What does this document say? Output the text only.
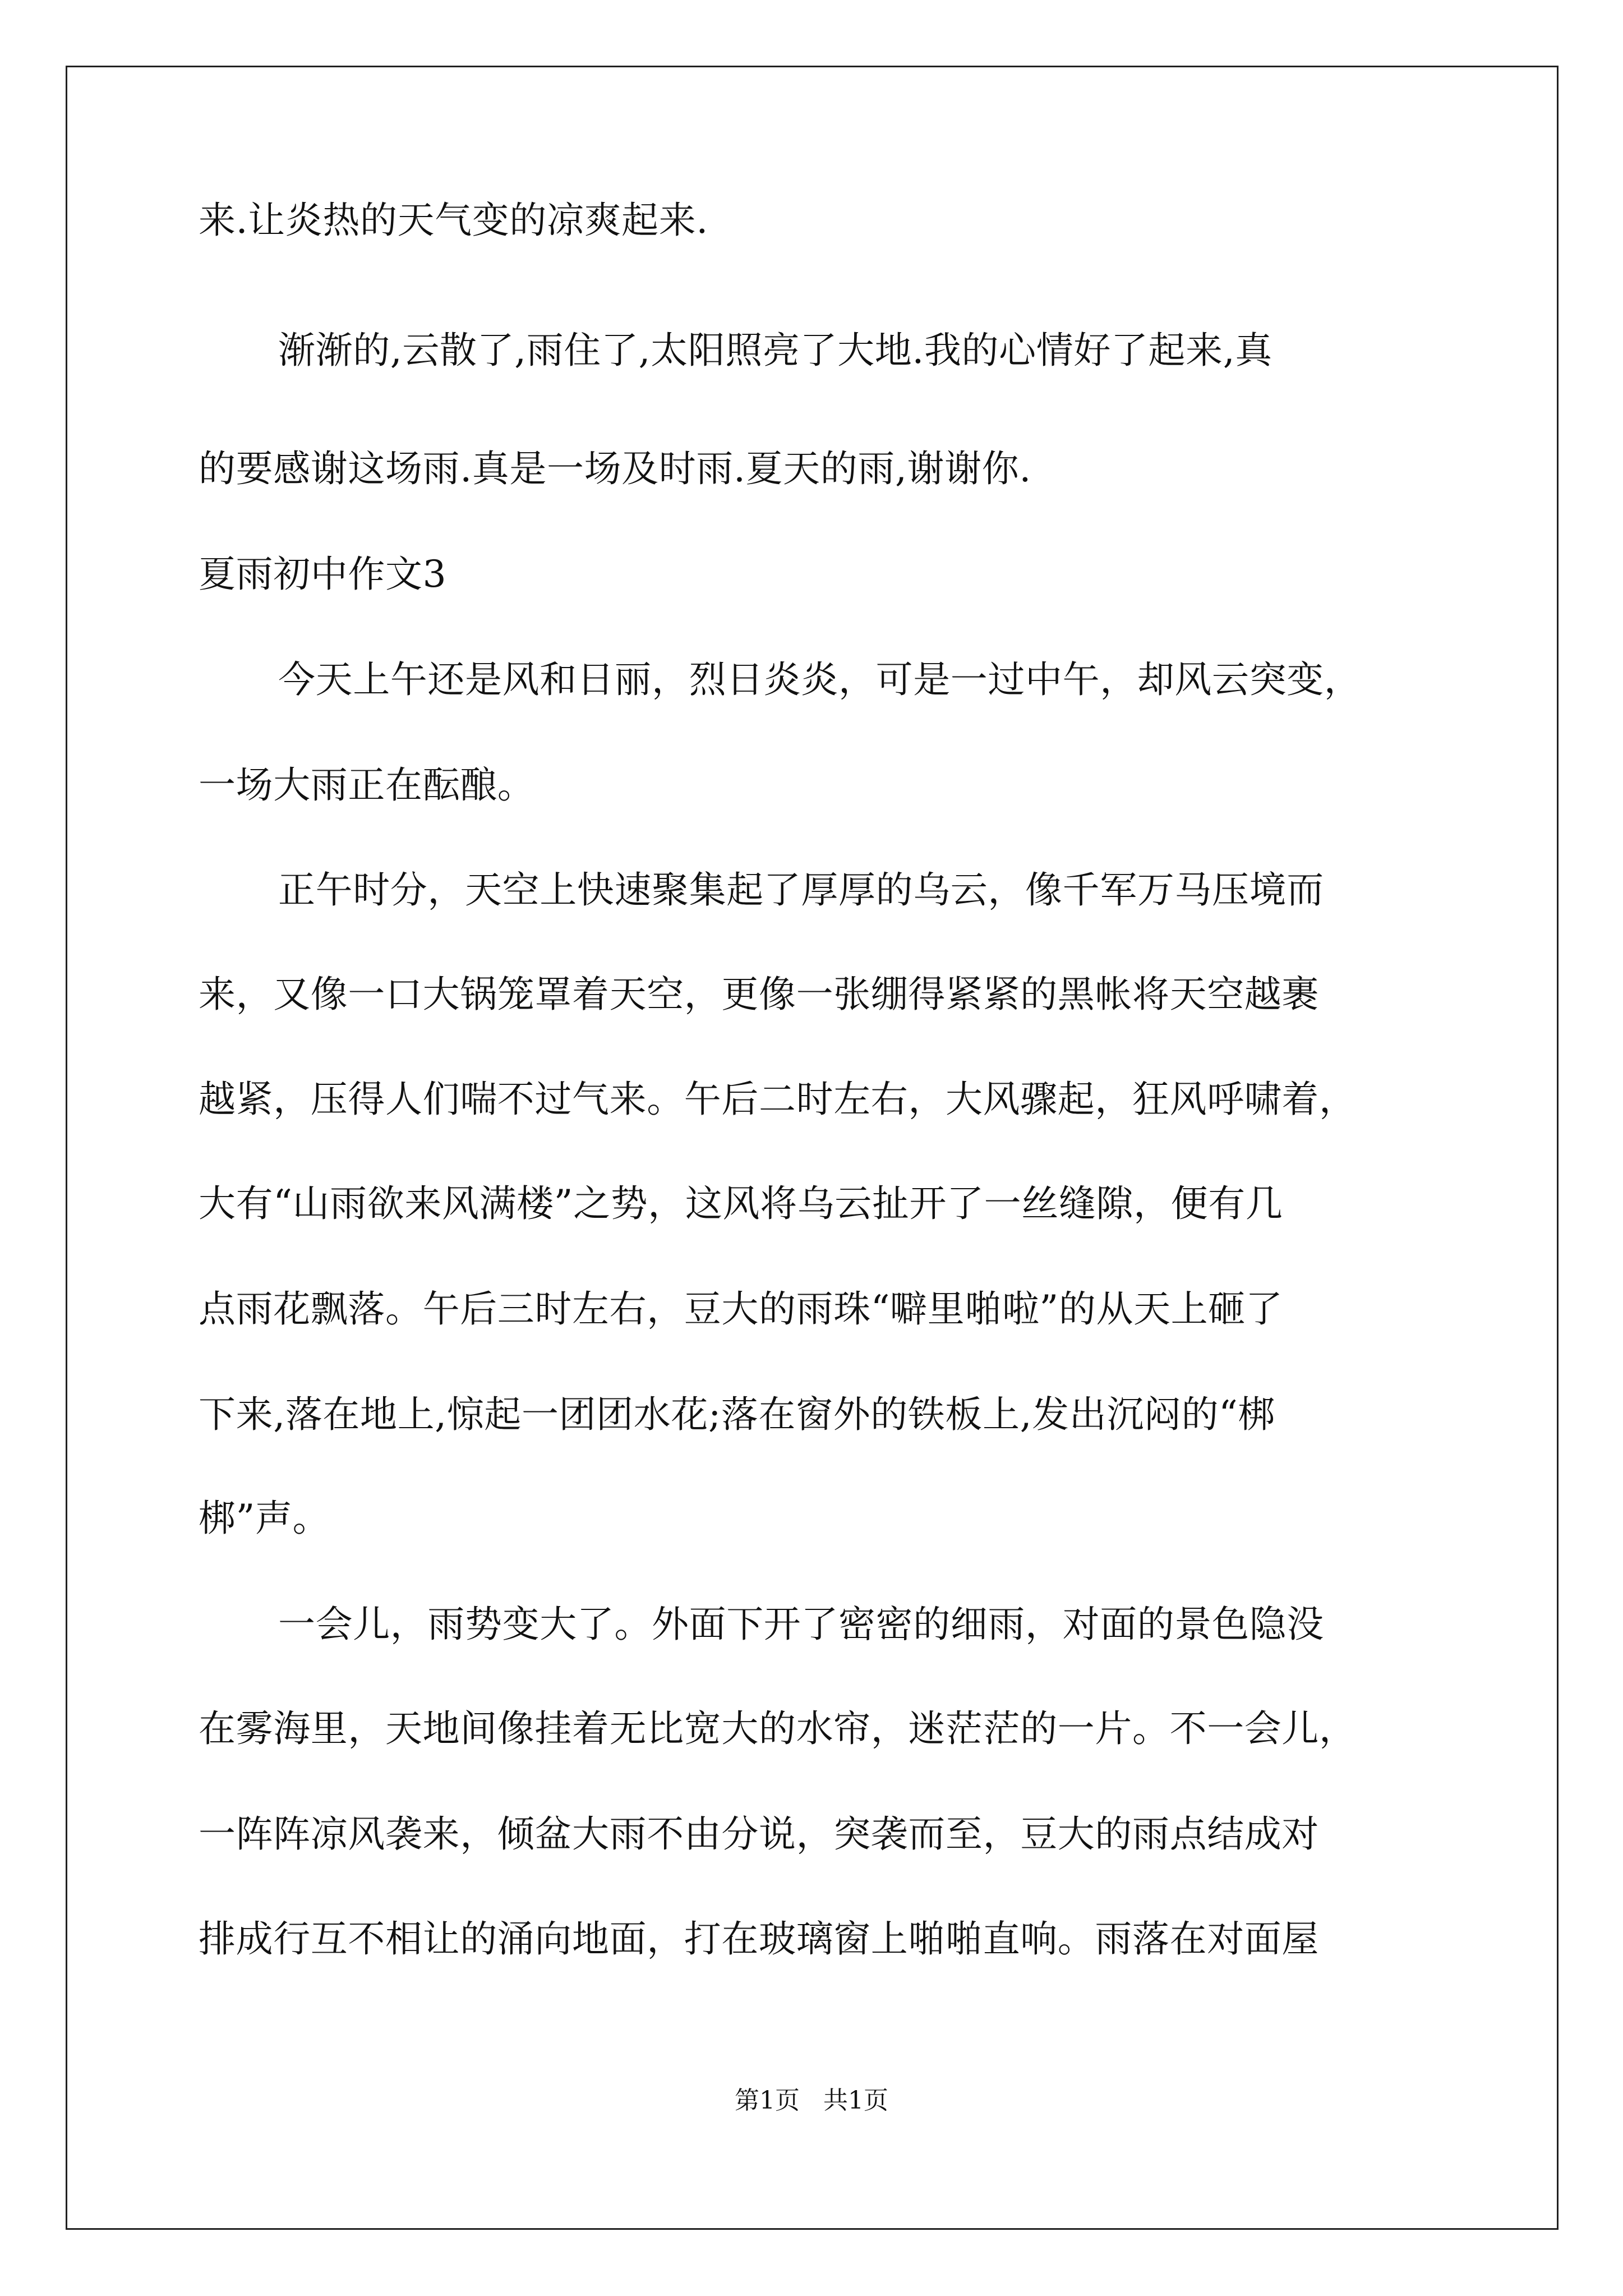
来.让炎热的天气变的凉爽起来.
渐渐的,云散了,雨住了,太阳照亮了大地.我的心情好了起来,真
的要感谢这场雨.真是一场及时雨.夏天的雨,谢谢你.
夏雨初中作文3
今天上午还是风和日丽，烈日炎炎，可是一过中午，却风云突变，
一场大雨正在酝酿。
正午时分，天空上快速聚集起了厚厚的乌云，像千军万马压境而
来，又像一口大锅笼罩着天空，更像一张绷得紧紧的黑帐将天空越裹
越紧，压得人们喘不过气来。午后二时左右，大风骤起，狂风呼啸着，
大有“山雨欲来风满楼”之势，这风将乌云扯开了一丝缝隙，便有几
点雨花飘落。午后三时左右，豆大的雨珠“噼里啪啦”的从天上砸了
下来,落在地上,惊起一团团水花;落在窗外的铁板上,发出沉闷的“梆
梆”声。
一会儿，雨势变大了。外面下开了密密的细雨，对面的景色隐没
在雾海里，天地间像挂着无比宽大的水帘，迷茫茫的一片。不一会儿，
一阵阵凉风袭来，倾盆大雨不由分说，突袭而至，豆大的雨点结成对
排成行互不相让的涌向地面，打在玻璃窗上啪啪直响。雨落在对面屋
第1页   共1页
